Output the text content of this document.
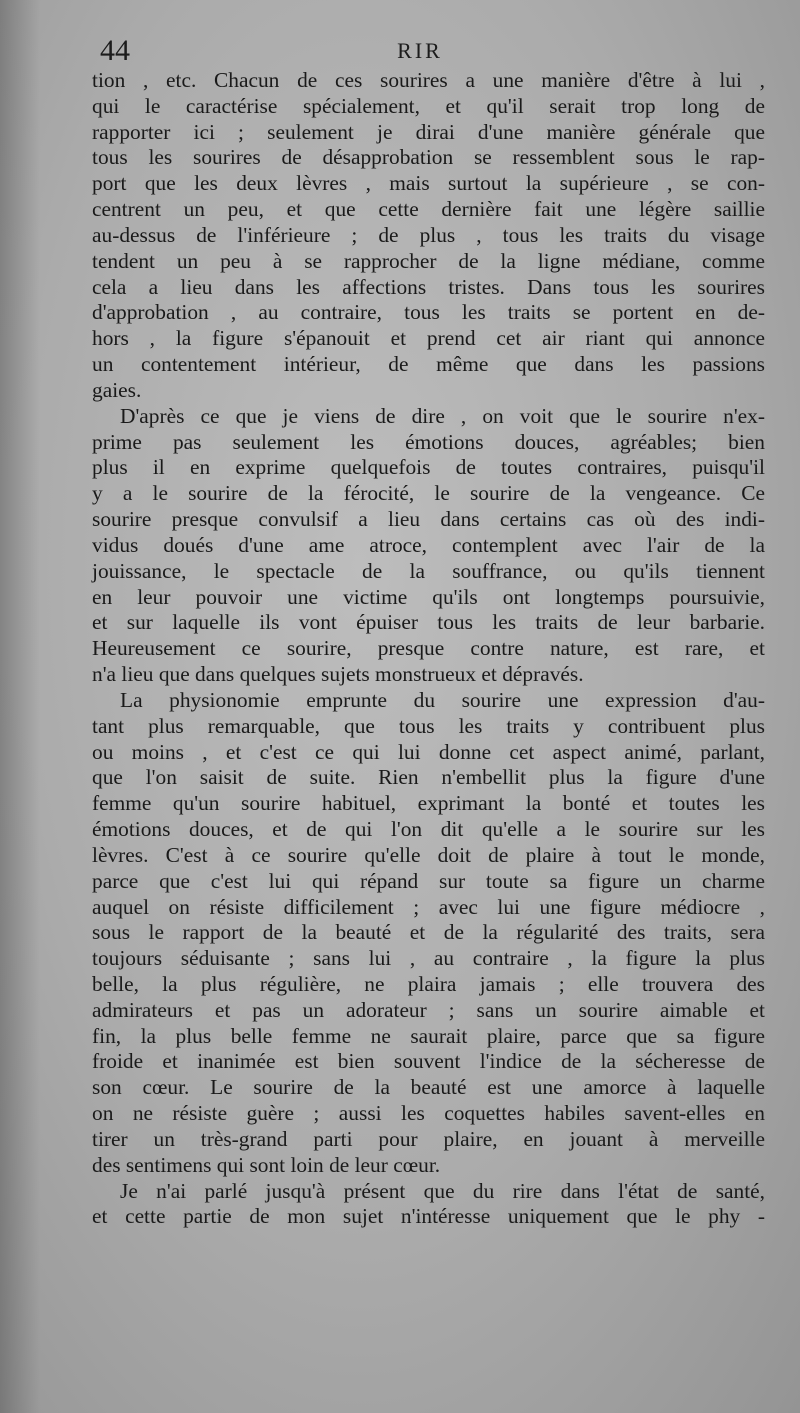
44	RIR
tion , etc. Chacun de ces sourires a une manière d'être à lui ,
qui le caractérise spécialement, et qu'il serait trop long de
rapporter ici ; seulement je dirai d'une manière générale que
tous les sourires de désapprobation se ressemblent sous le rap-
port que les deux lèvres , mais surtout la supérieure , se con-
centrent un peu, et que cette dernière fait une légère saillie
au-dessus de l'inférieure ; de plus , tous les traits du visage
tendent un peu à se rapprocher de la ligne médiane, comme
cela a lieu dans les affections tristes. Dans tous les sourires
d'approbation , au contraire, tous les traits se portent en de-
hors , la figure s'épanouit et prend cet air riant qui annonce
un contentement intérieur, de même que dans les passions
gaies.
D'après ce que je viens de dire , on voit que le sourire n'ex-
prime pas seulement les émotions douces, agréables; bien
plus il en exprime quelquefois de toutes contraires, puisqu'il
y a le sourire de la férocité, le sourire de la vengeance. Ce
sourire presque convulsif a lieu dans certains cas où des indi-
vidus doués d'une ame atroce, contemplent avec l'air de la
jouissance, le spectacle de la souffrance, ou qu'ils tiennent
en leur pouvoir une victime qu'ils ont longtemps poursuivie,
et sur laquelle ils vont épuiser tous les traits de leur barbarie.
Heureusement ce sourire, presque contre nature, est rare, et
n'a lieu que dans quelques sujets monstrueux et dépravés.
La physionomie emprunte du sourire une expression d'au-
tant plus remarquable, que tous les traits y contribuent plus
ou moins , et c'est ce qui lui donne cet aspect animé, parlant,
que l'on saisit de suite. Rien n'embellit plus la figure d'une
femme qu'un sourire habituel, exprimant la bonté et toutes les
émotions douces, et de qui l'on dit qu'elle a le sourire sur les
lèvres. C'est à ce sourire qu'elle doit de plaire à tout le monde,
parce que c'est lui qui répand sur toute sa figure un charme
auquel on résiste difficilement ; avec lui une figure médiocre ,
sous le rapport de la beauté et de la régularité des traits, sera
toujours séduisante ; sans lui , au contraire , la figure la plus
belle, la plus régulière, ne plaira jamais ; elle trouvera des
admirateurs et pas un adorateur ; sans un sourire aimable et
fin, la plus belle femme ne saurait plaire, parce que sa figure
froide et inanimée est bien souvent l'indice de la sécheresse de
son cœur. Le sourire de la beauté est une amorce à laquelle
on ne résiste guère ; aussi les coquettes habiles savent-elles en
tirer un très-grand parti pour plaire, en jouant à merveille
des sentimens qui sont loin de leur cœur.
Je n'ai parlé jusqu'à présent que du rire dans l'état de santé,
et cette partie de mon sujet n'intéresse uniquement que le phy -
